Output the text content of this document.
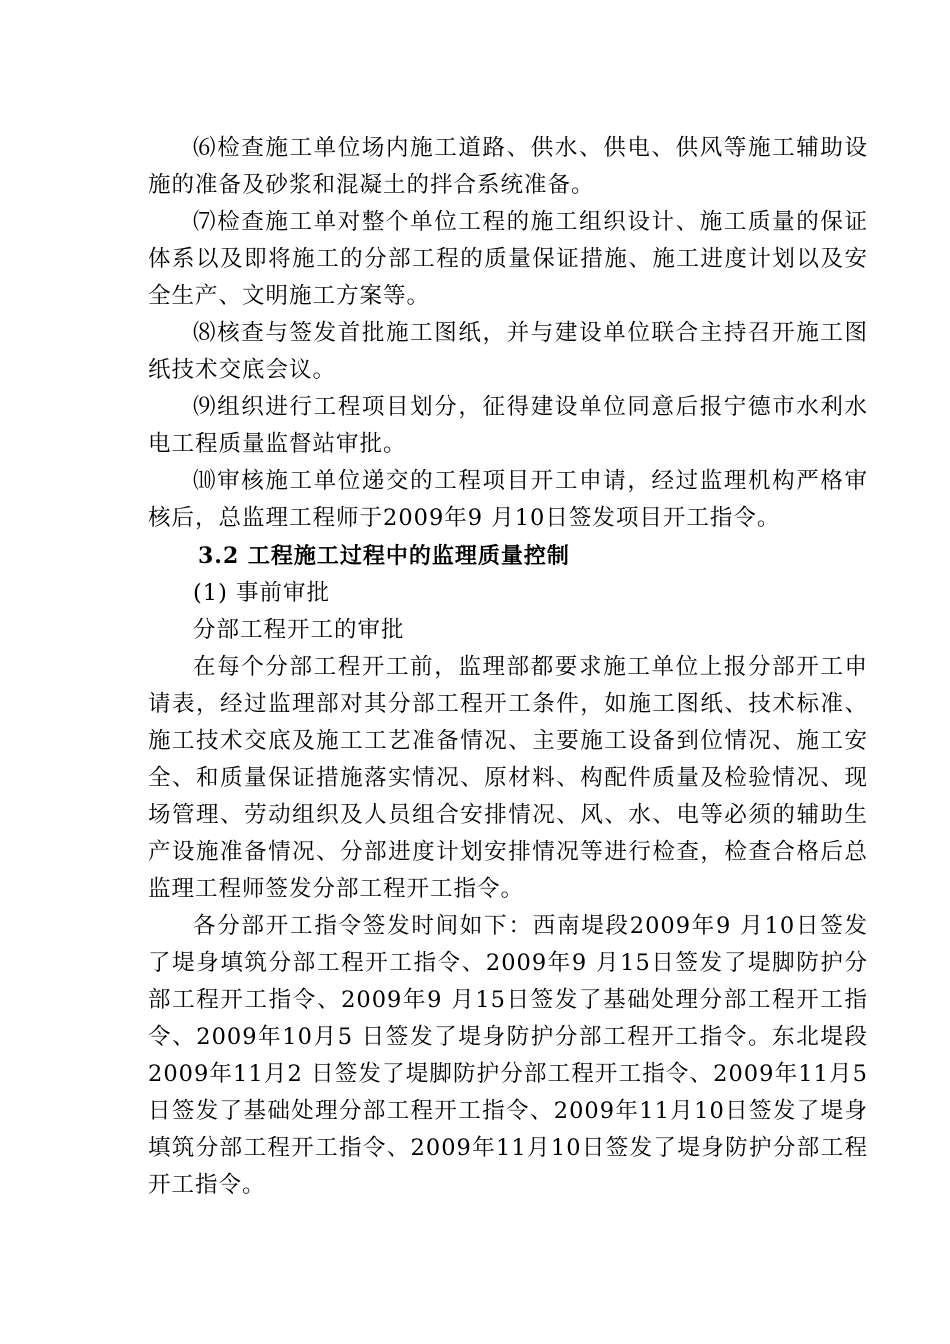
⑹检查施工单位场内施工道路、供水、供电、供风等施工辅助设施的准备及砂浆和混凝土的拌合系统准备。

⑺检查施工单对整个单位工程的施工组织设计、施工质量的保证体系以及即将施工的分部工程的质量保证措施、施工进度计划以及安全生产、文明施工方案等。

⑻核查与签发首批施工图纸，并与建设单位联合主持召开施工图纸技术交底会议。

⑼组织进行工程项目划分，征得建设单位同意后报宁德市水利水电工程质量监督站审批。

⑽审核施工单位递交的工程项目开工申请，经过监理机构严格审核后，总监理工程师于2009年9 月10日签发项目开工指令。

3.2 工程施工过程中的监理质量控制

(1) 事前审批

分部工程开工的审批

在每个分部工程开工前，监理部都要求施工单位上报分部开工申请表，经过监理部对其分部工程开工条件，如施工图纸、技术标准、施工技术交底及施工工艺准备情况、主要施工设备到位情况、施工安全、和质量保证措施落实情况、原材料、构配件质量及检验情况、现场管理、劳动组织及人员组合安排情况、风、水、电等必须的辅助生产设施准备情况、分部进度计划安排情况等进行检查，检查合格后总监理工程师签发分部工程开工指令。

各分部开工指令签发时间如下：西南堤段2009年9 月10日签发了堤身填筑分部工程开工指令、2009年9 月15日签发了堤脚防护分部工程开工指令、2009年9 月15日签发了基础处理分部工程开工指令、2009年10月5 日签发了堤身防护分部工程开工指令。东北堤段2009年11月2 日签发了堤脚防护分部工程开工指令、2009年11月5日签发了基础处理分部工程开工指令、2009年11月10日签发了堤身填筑分部工程开工指令、2009年11月10日签发了堤身防护分部工程开工指令。
